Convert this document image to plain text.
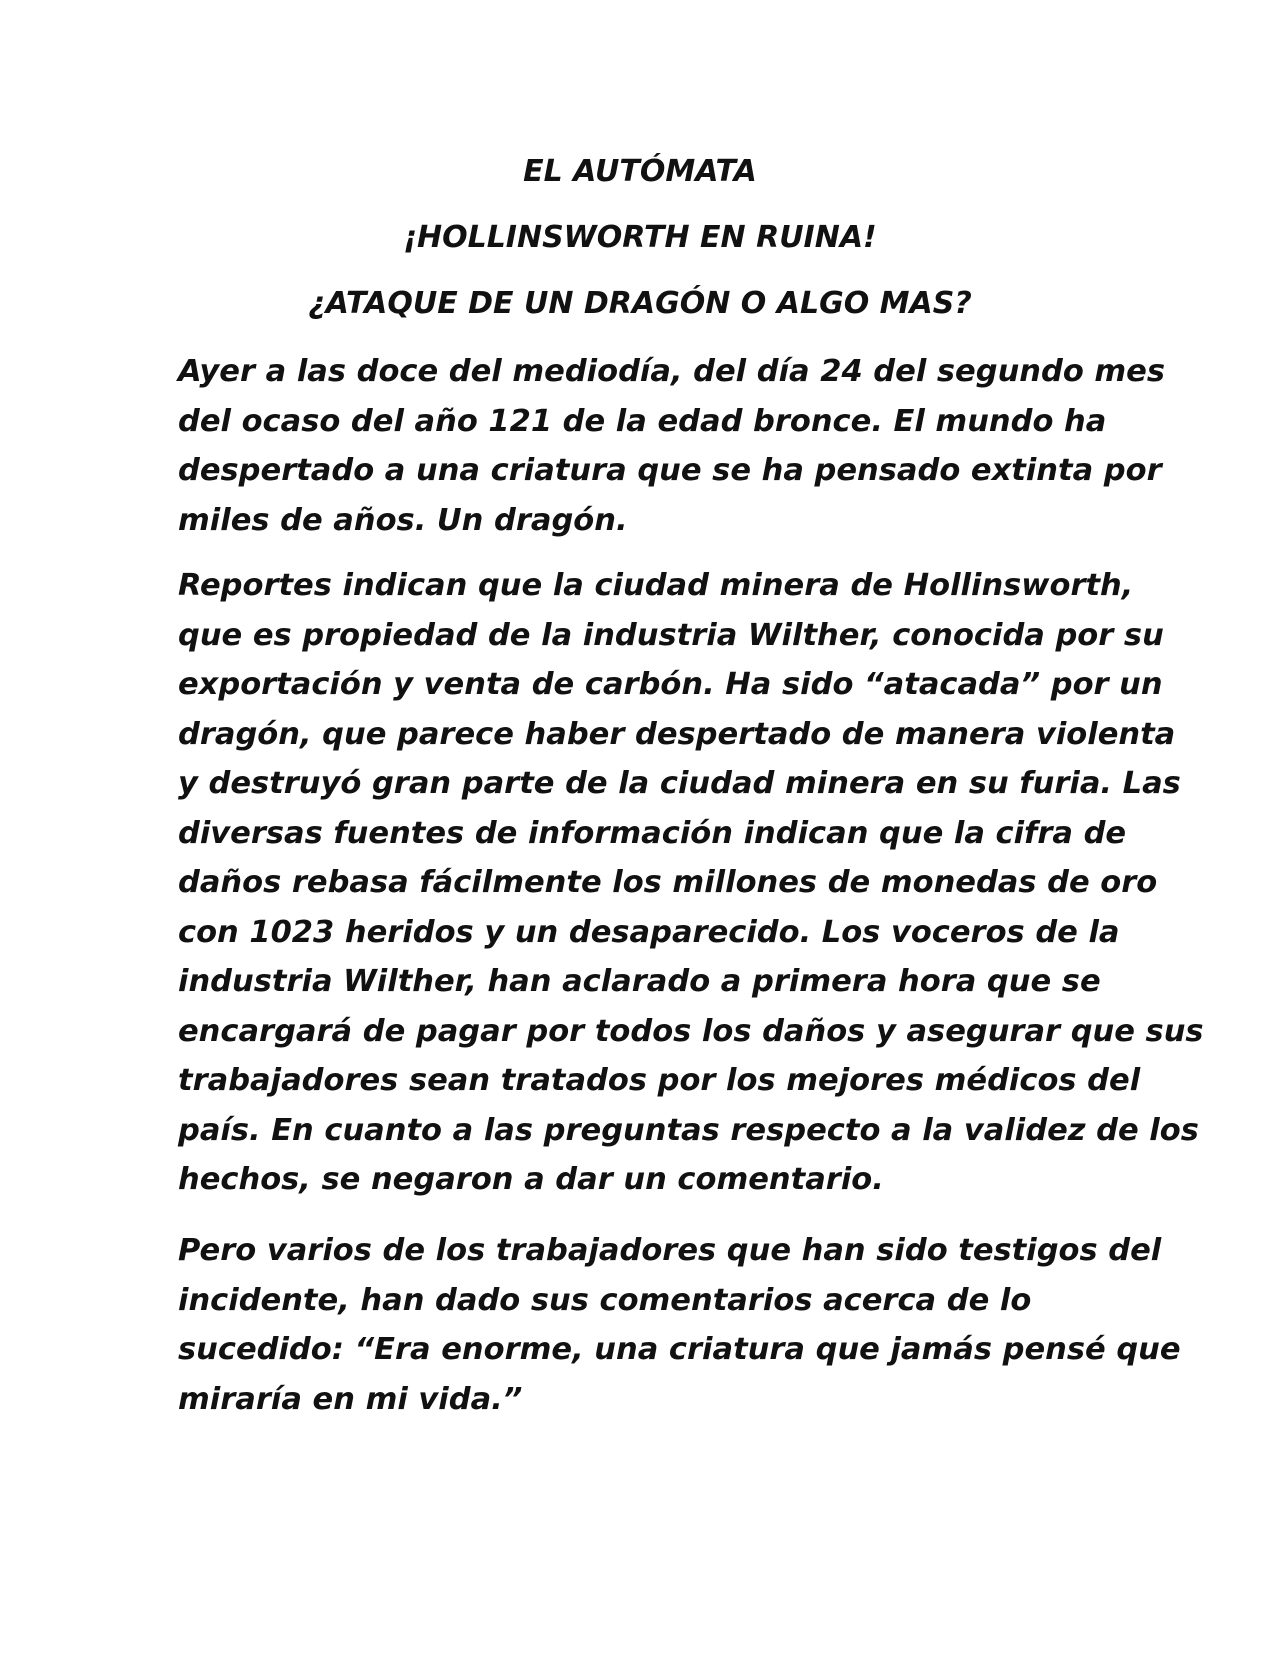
EL AUTÓMATA
¡HOLLINSWORTH EN RUINA!
¿ATAQUE DE UN DRAGÓN O ALGO MAS?
Ayer a las doce del mediodía, del día 24 del segundo mes
del ocaso del año 121 de la edad bronce. El mundo ha
despertado a una criatura que se ha pensado extinta por
miles de años. Un dragón.
Reportes indican que la ciudad minera de Hollinsworth,
que es propiedad de la industria Wilther, conocida por su
exportación y venta de carbón. Ha sido “atacada” por un
dragón, que parece haber despertado de manera violenta
y destruyó gran parte de la ciudad minera en su furia. Las
diversas fuentes de información indican que la cifra de
daños rebasa fácilmente los millones de monedas de oro
con 1023 heridos y un desaparecido. Los voceros de la
industria Wilther, han aclarado a primera hora que se
encargará de pagar por todos los daños y asegurar que sus
trabajadores sean tratados por los mejores médicos del
país. En cuanto a las preguntas respecto a la validez de los
hechos, se negaron a dar un comentario.
Pero varios de los trabajadores que han sido testigos del
incidente, han dado sus comentarios acerca de lo
sucedido: “Era enorme, una criatura que jamás pensé que
miraría en mi vida.”
